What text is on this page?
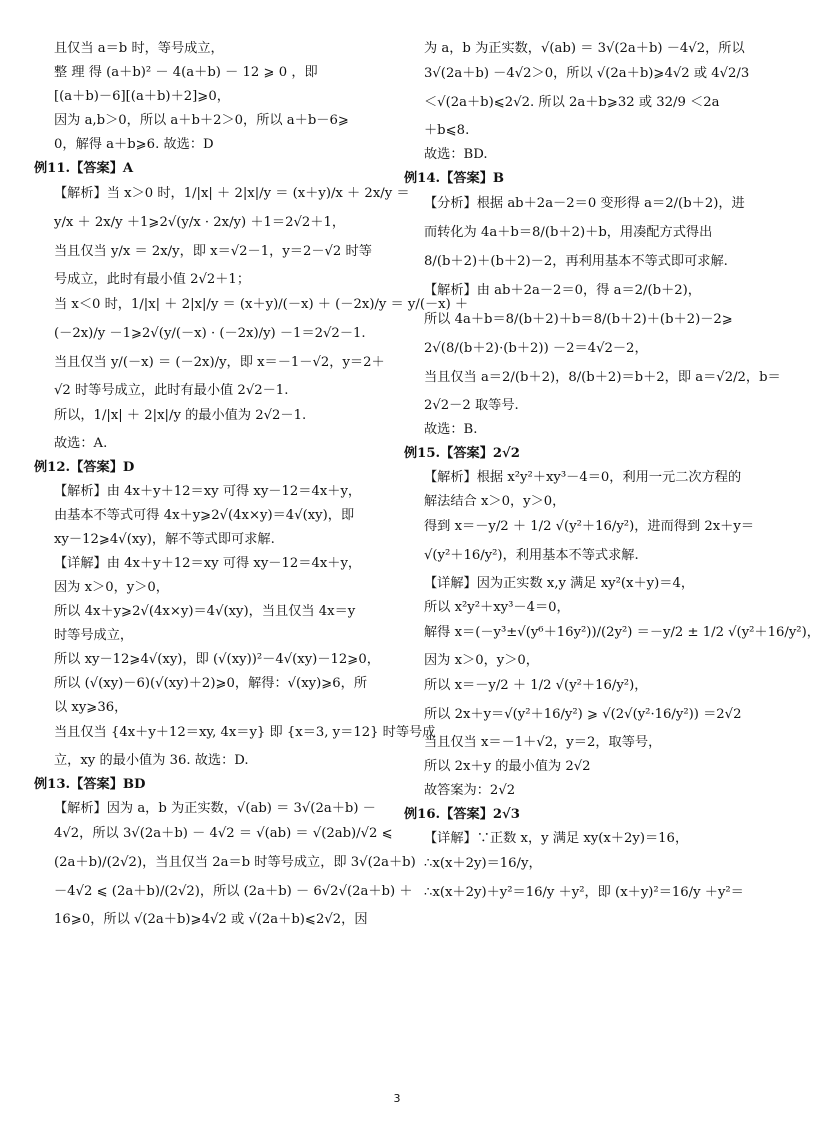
且仅当 a＝b 时，等号成立，
整 理 得 (a＋b)² － 4(a＋b) － 12 ⩾ 0 ，即
[(a＋b)－6][(a＋b)＋2]⩾0，
因为 a,b＞0，所以 a＋b＋2＞0，所以 a＋b－6⩾
0，解得 a＋b⩾6. 故选：D
例11.【答案】A
【解析】当 x＞0 时，1/|x| ＋ 2|x|/y ＝ (x＋y)/x ＋ 2x/y ＝
y/x ＋ 2x/y ＋1⩾2√(y/x · 2x/y) ＋1＝2√2＋1，
当且仅当 y/x ＝ 2x/y，即 x＝√2－1，y＝2－√2 时等
号成立，此时有最小值 2√2＋1；
当 x＜0 时，1/|x| ＋ 2|x|/y ＝ (x＋y)/(－x) ＋ (－2x)/y ＝ y/(－x) ＋
(－2x)/y －1⩾2√(y/(－x) · (－2x)/y) －1＝2√2－1.
当且仅当 y/(－x) ＝ (－2x)/y，即 x＝－1－√2，y＝2＋
√2 时等号成立，此时有最小值 2√2－1.
所以，1/|x| ＋ 2|x|/y 的最小值为 2√2－1.
故选：A.
例12.【答案】D
【解析】由 4x＋y＋12＝xy 可得 xy－12＝4x＋y，
由基本不等式可得 4x＋y⩾2√(4x×y)＝4√(xy)，即
xy－12⩾4√(xy)，解不等式即可求解.
【详解】由 4x＋y＋12＝xy 可得 xy－12＝4x＋y，
因为 x＞0，y＞0，
所以 4x＋y⩾2√(4x×y)＝4√(xy)，当且仅当 4x＝y
时等号成立，
所以 xy－12⩾4√(xy)，即 (√(xy))²－4√(xy)－12⩾0，
所以 (√(xy)－6)(√(xy)＋2)⩾0，解得：√(xy)⩾6，所
以 xy⩾36，
当且仅当 {4x＋y＋12＝xy, 4x＝y} 即 {x＝3, y＝12} 时等号成
立，xy 的最小值为 36. 故选：D.
例13.【答案】BD
【解析】因为 a，b 为正实数，√(ab) ＝ 3√(2a＋b) －
4√2，所以 3√(2a＋b) － 4√2 ＝ √(ab) ＝ √(2ab)/√2 ⩽
(2a＋b)/(2√2)，当且仅当 2a＝b 时等号成立，即 3√(2a＋b)
－4√2 ⩽ (2a＋b)/(2√2)，所以 (2a＋b) － 6√2√(2a＋b) ＋
16⩾0，所以 √(2a＋b)⩾4√2 或 √(2a＋b)⩽2√2，因
为 a，b 为正实数，√(ab) ＝ 3√(2a＋b) －4√2，所以
3√(2a＋b) －4√2＞0，所以 √(2a＋b)⩾4√2 或 4√2/3
＜√(2a＋b)⩽2√2. 所以 2a＋b⩾32 或 32/9 ＜2a
＋b⩽8.
故选：BD.
例14.【答案】B
【分析】根据 ab＋2a－2＝0 变形得 a＝2/(b＋2)，进
而转化为 4a＋b＝8/(b＋2)＋b，用凑配方式得出
8/(b＋2)＋(b＋2)－2，再利用基本不等式即可求解.
【解析】由 ab＋2a－2＝0，得 a＝2/(b＋2)，
所以 4a＋b＝8/(b＋2)＋b＝8/(b＋2)＋(b＋2)－2⩾
2√(8/(b＋2)·(b＋2)) －2＝4√2－2，
当且仅当 a＝2/(b＋2)，8/(b＋2)＝b＋2，即 a＝√2/2，b＝
2√2－2 取等号.
故选：B.
例15.【答案】2√2
【解析】根据 x²y²＋xy³－4＝0，利用一元二次方程的
解法结合 x＞0，y＞0，
得到 x＝－y/2 ＋ 1/2 √(y²＋16/y²)，进而得到 2x＋y＝
√(y²＋16/y²)，利用基本不等式求解.
【详解】因为正实数 x,y 满足 xy²(x＋y)＝4，
所以 x²y²＋xy³－4＝0，
解得 x＝(－y³±√(y⁶＋16y²))/(2y²) ＝－y/2 ± 1/2 √(y²＋16/y²)，
因为 x＞0，y＞0，
所以 x＝－y/2 ＋ 1/2 √(y²＋16/y²)，
所以 2x＋y＝√(y²＋16/y²) ⩾ √(2√(y²·16/y²)) ＝2√2
当且仅当 x＝－1＋√2，y＝2，取等号，
所以 2x＋y 的最小值为 2√2
故答案为：2√2
例16.【答案】2√3
【详解】∵正数 x，y 满足 xy(x＋2y)＝16，
∴x(x＋2y)＝16/y，
∴x(x＋2y)＋y²＝16/y ＋y²，即 (x＋y)²＝16/y ＋y²＝
3
